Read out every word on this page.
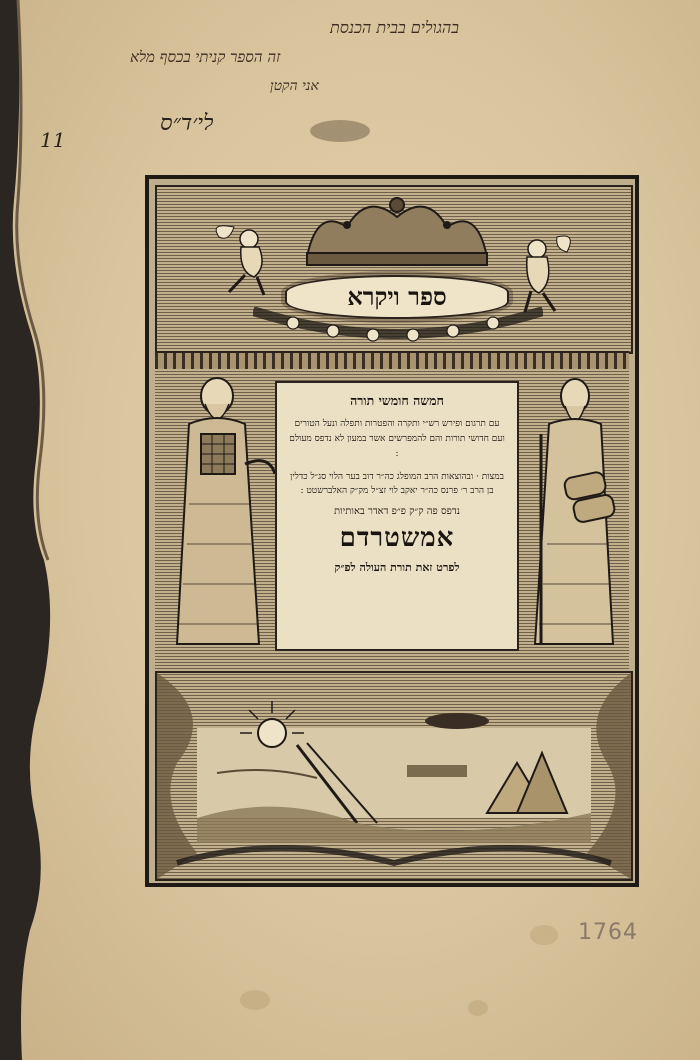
בהגולים בבית הכנסת
זה הספר קניתי בכסף מלא
אני הקטן
11
לי׳ד״ס
ספר ויקרא
חמשה חומשי תורה
עם תרגום ופירש רש״י ותקרה והפטרות ותפלה ונעל הטורים ועם חדושי תורות והם להמפרשים אשר במעון לא נדפס מעולם :
במצות · ובהוצאות הרב המופלג כה״ר דוב בער הלוי סג״ל כדלין בן הרב ר׳ פרנס כה״ר יאקב לוי זצ״ל מק״ק האלברשטט :
נדפס פה ק״ק פ״פ דאדר באותיות
אמשטרדם
לפרט זאת תורת העולה לפ״ק
1764
